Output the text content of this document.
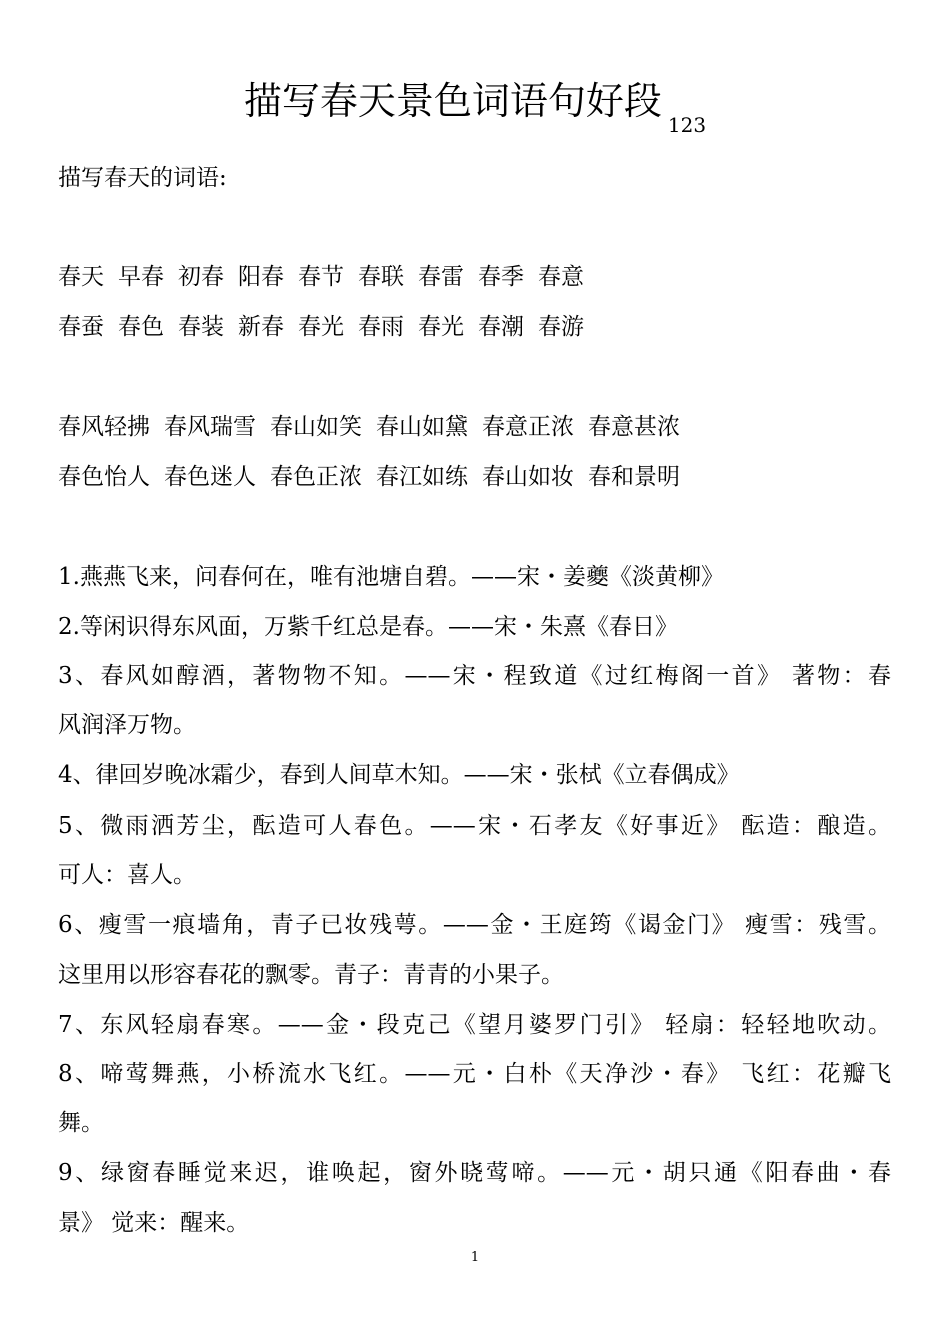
描写春天景色词语句好段$_{123}$
描写春天的词语:
春天 早春 初春 阳春 春节 春联 春雷 春季 春意
春蚕 春色 春装 新春 春光 春雨 春光 春潮 春游
春风轻拂 春风瑞雪 春山如笑 春山如黛 春意正浓 春意甚浓
春色怡人 春色迷人 春色正浓 春江如练 春山如妆 春和景明
1.燕燕飞来，问春何在，唯有池塘自碧。——宋・姜夔《淡黄柳》
2.等闲识得东风面，万紫千红总是春。——宋・朱熹《春日》
3、春风如醇酒，著物物不知。——宋・程致道《过红梅阁一首》 著物：春
风润泽万物。
4、律回岁晚冰霜少，春到人间草木知。——宋・张栻《立春偶成》
5、微雨洒芳尘，酝造可人春色。——宋・石孝友《好事近》 酝造：酿造。
可人：喜人。
6、瘦雪一痕墙角，青子已妆残萼。——金・王庭筠《谒金门》 瘦雪：残雪。
这里用以形容春花的飘零。青子：青青的小果子。
7、东风轻扇春寒。——金・段克己《望月婆罗门引》 轻扇：轻轻地吹动。
8、啼莺舞燕，小桥流水飞红。——元・白朴《天净沙・春》 飞红：花瓣飞
舞。
9、绿窗春睡觉来迟，谁唤起，窗外晓莺啼。——元・胡只通《阳春曲・春
景》 觉来：醒来。
1
